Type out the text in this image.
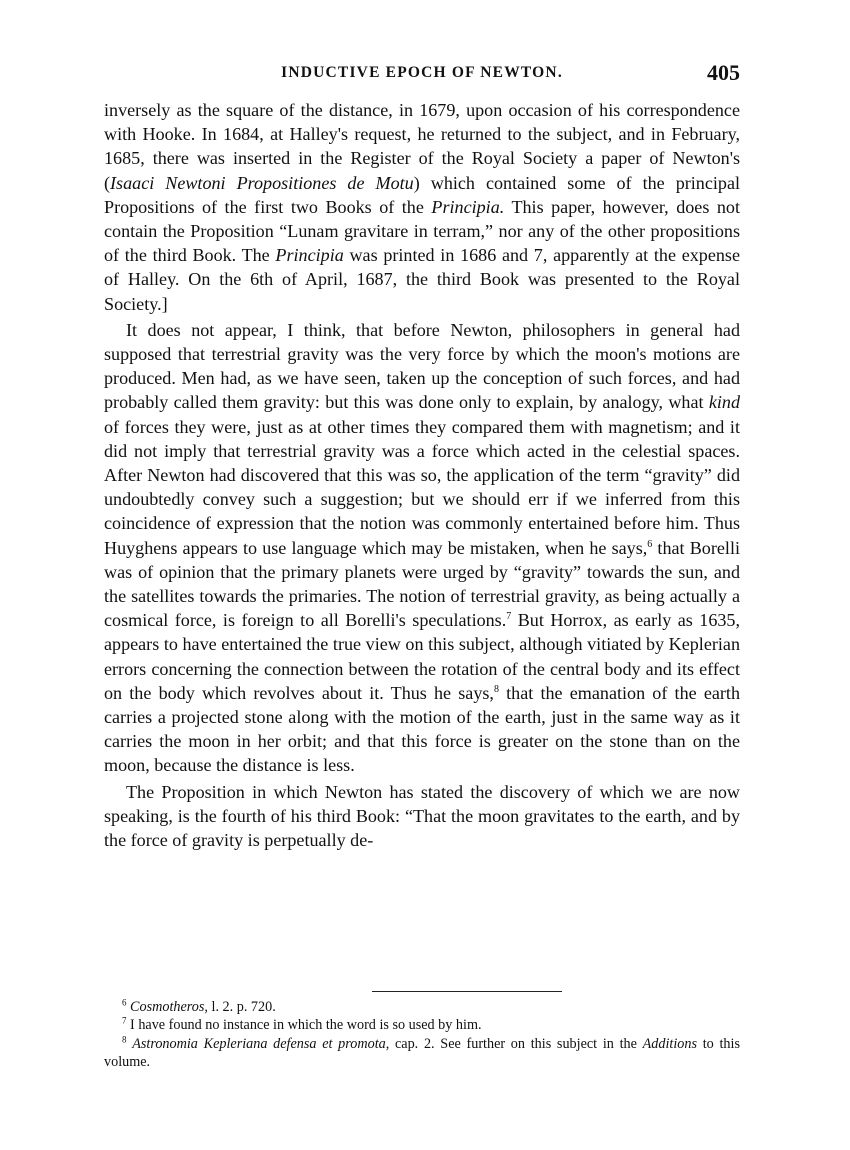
INDUCTIVE EPOCH OF NEWTON.	405

inversely as the square of the distance, in 1679, upon occasion of his correspondence with Hooke. In 1684, at Halley's request, he returned to the subject, and in February, 1685, there was inserted in the Register of the Royal Society a paper of Newton's (Isaaci Newtoni Propositiones de Motu) which contained some of the principal Propositions of the first two Books of the Principia. This paper, however, does not contain the Proposition “Lunam gravitare in terram,” nor any of the other propositions of the third Book. The Principia was printed in 1686 and 7, apparently at the expense of Halley. On the 6th of April, 1687, the third Book was presented to the Royal Society.]

It does not appear, I think, that before Newton, philosophers in general had supposed that terrestrial gravity was the very force by which the moon's motions are produced. Men had, as we have seen, taken up the conception of such forces, and had probably called them gravity: but this was done only to explain, by analogy, what kind of forces they were, just as at other times they compared them with magnetism; and it did not imply that terrestrial gravity was a force which acted in the celestial spaces. After Newton had discovered that this was so, the application of the term “gravity” did undoubtedly convey such a suggestion; but we should err if we inferred from this coincidence of expression that the notion was commonly entertained before him. Thus Huyghens appears to use language which may be mistaken, when he says,$^6$ that Borelli was of opinion that the primary planets were urged by “gravity” towards the sun, and the satellites towards the primaries. The notion of terrestrial gravity, as being actually a cosmical force, is foreign to all Borelli's speculations.$^7$ But Horrox, as early as 1635, appears to have entertained the true view on this subject, although vitiated by Keplerian errors concerning the connection between the rotation of the central body and its effect on the body which revolves about it. Thus he says,$^8$ that the emanation of the earth carries a projected stone along with the motion of the earth, just in the same way as it carries the moon in her orbit; and that this force is greater on the stone than on the moon, because the distance is less.

The Proposition in which Newton has stated the discovery of which we are now speaking, is the fourth of his third Book: “That the moon gravitates to the earth, and by the force of gravity is perpetually de-

$^6$ Cosmotheros, l. 2. p. 720.

$^7$ I have found no instance in which the word is so used by him.

$^8$ Astronomia Kepleriana defensa et promota, cap. 2. See further on this subject in the Additions to this volume.
